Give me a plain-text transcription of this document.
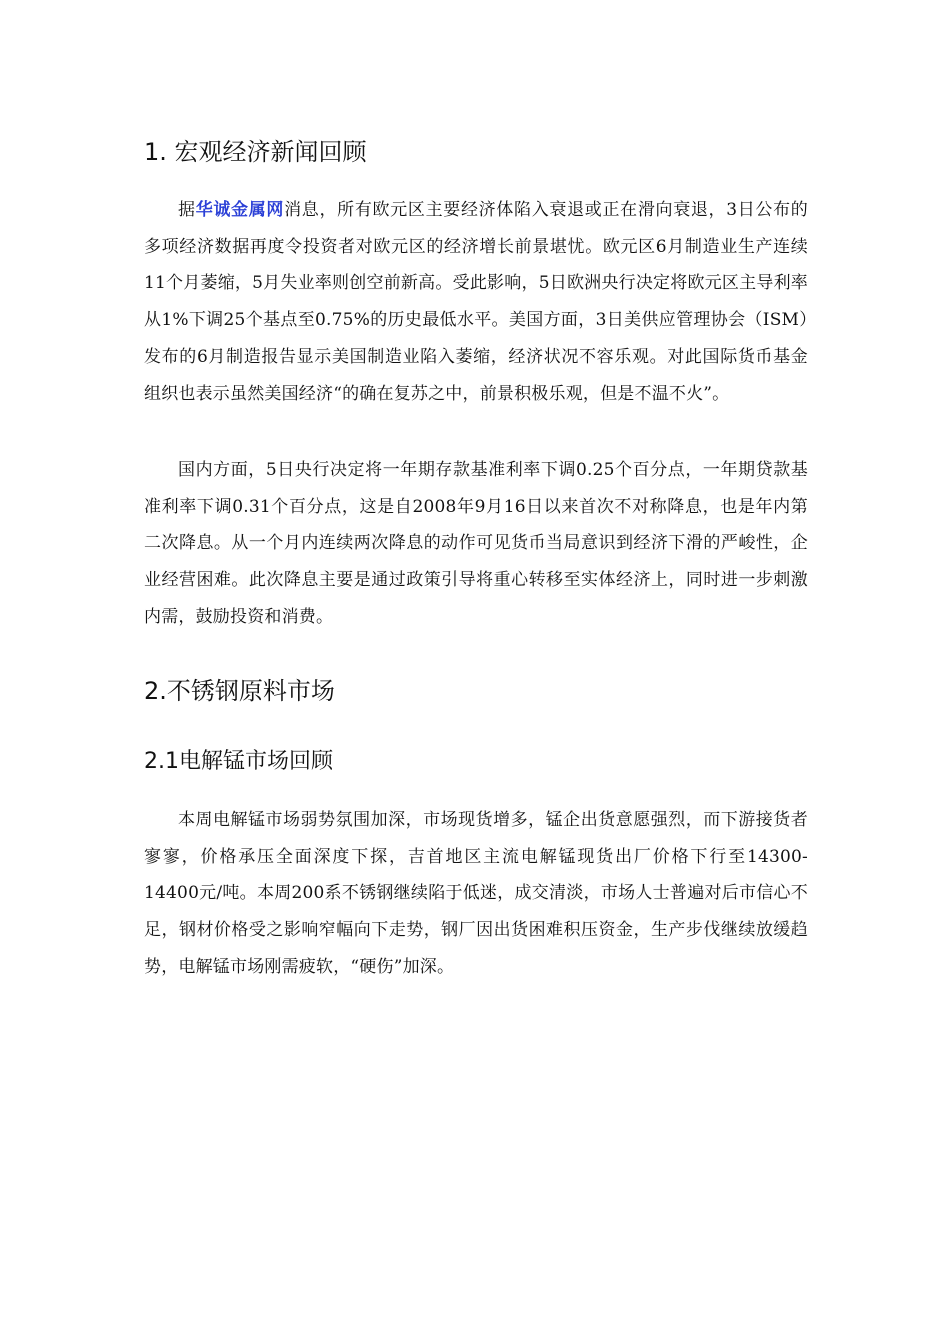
1. 宏观经济新闻回顾

据华诚金属网消息，所有欧元区主要经济体陷入衰退或正在滑向衰退，3日公布的多项经济数据再度令投资者对欧元区的经济增长前景堪忧。欧元区6月制造业生产连续11个月萎缩，5月失业率则创空前新高。受此影响，5日欧洲央行决定将欧元区主导利率从1%下调25个基点至0.75%的历史最低水平。美国方面，3日美供应管理协会（ISM）发布的6月制造报告显示美国制造业陷入萎缩，经济状况不容乐观。对此国际货币基金组织也表示虽然美国经济“的确在复苏之中，前景积极乐观，但是不温不火”。

国内方面，5日央行决定将一年期存款基准利率下调0.25个百分点，一年期贷款基准利率下调0.31个百分点，这是自2008年9月16日以来首次不对称降息，也是年内第二次降息。从一个月内连续两次降息的动作可见货币当局意识到经济下滑的严峻性，企业经营困难。此次降息主要是通过政策引导将重心转移至实体经济上，同时进一步刺激内需，鼓励投资和消费。

2.不锈钢原料市场
2.1电解锰市场回顾

本周电解锰市场弱势氛围加深，市场现货增多，锰企出货意愿强烈，而下游接货者寥寥，价格承压全面深度下探，吉首地区主流电解锰现货出厂价格下行至14300-14400元/吨。本周200系不锈钢继续陷于低迷，成交清淡，市场人士普遍对后市信心不足，钢材价格受之影响窄幅向下走势，钢厂因出货困难积压资金，生产步伐继续放缓趋势，电解锰市场刚需疲软，“硬伤”加深。
